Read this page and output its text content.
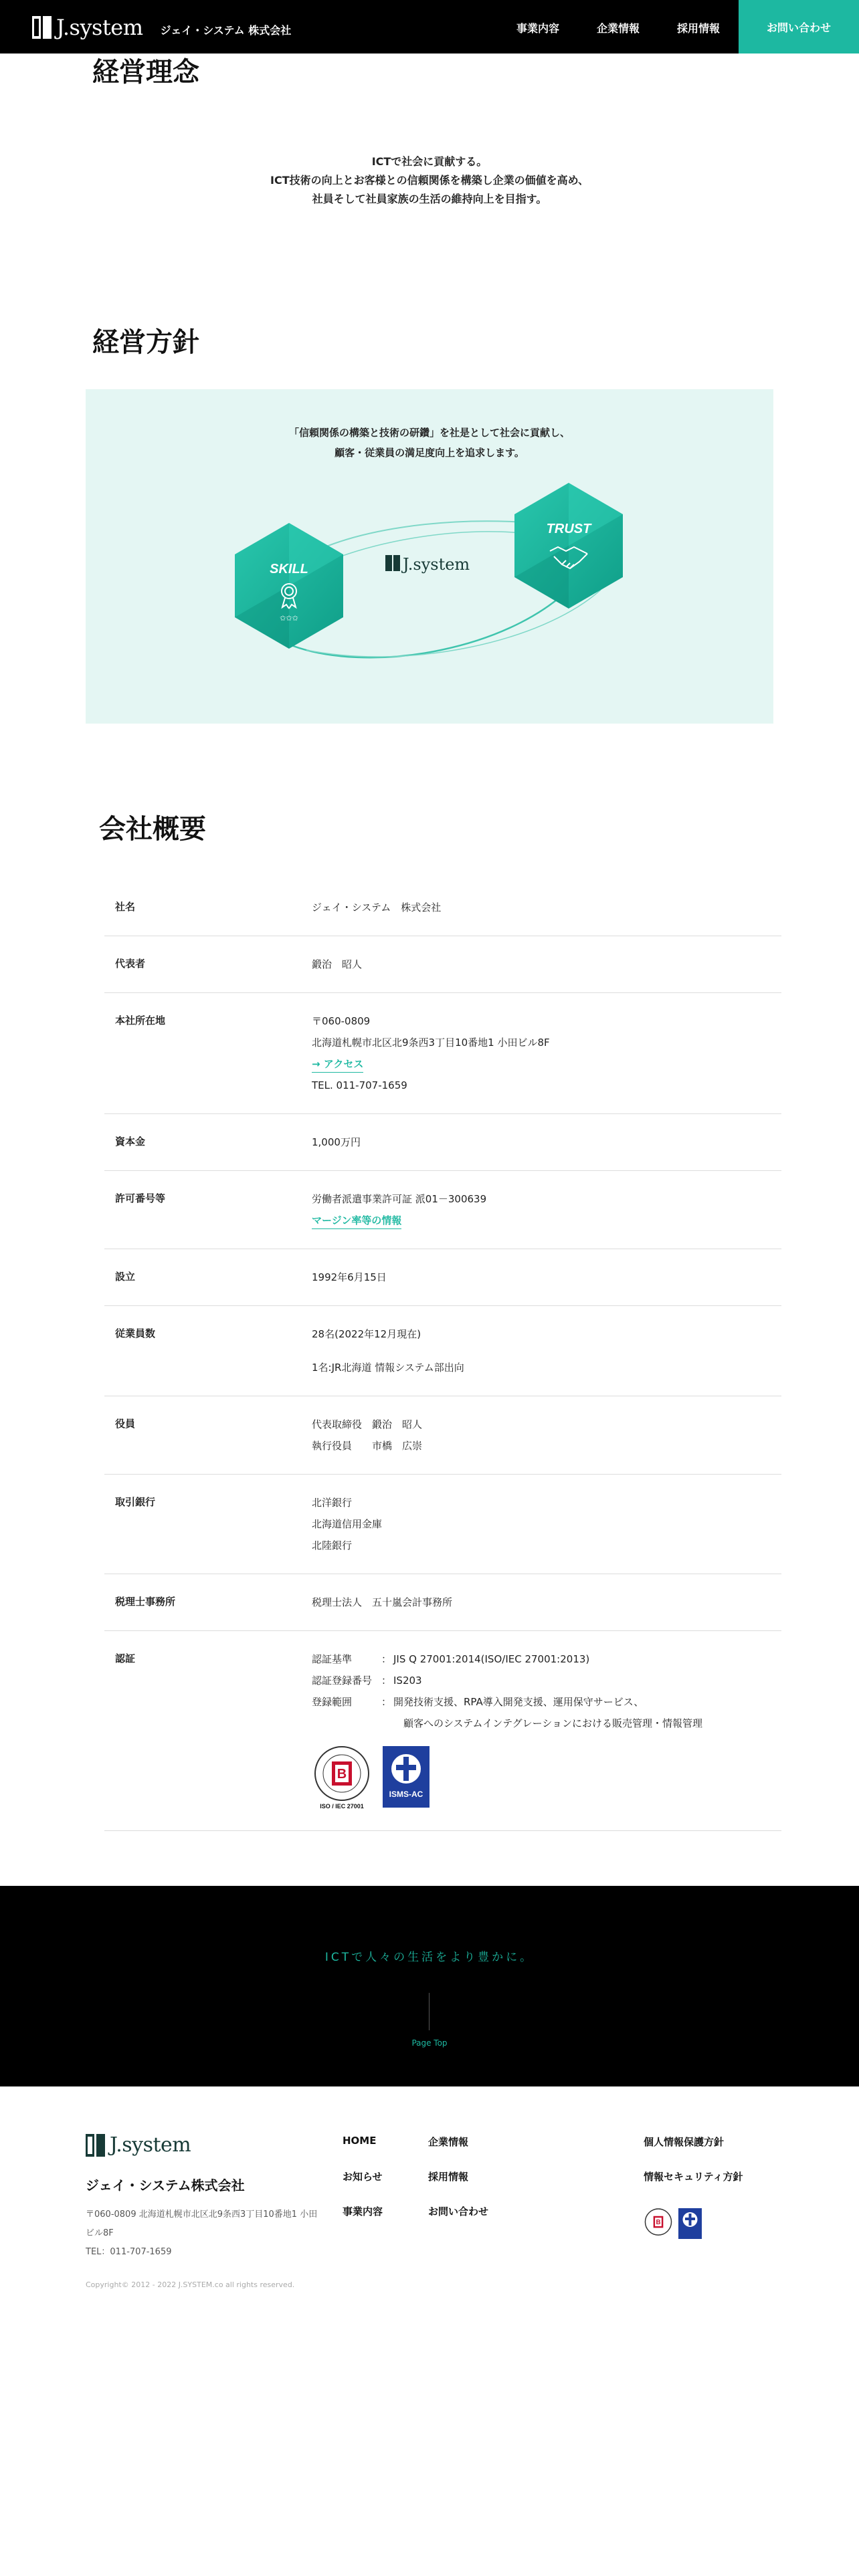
J.system ジェイ・システム 株式会社	事業内容	企業情報	採用情報	お問い合わせ
経営理念
ICTで社会に貢献する。
ICT技術の向上とお客様との信頼関係を構築し企業の価値を高め、
社員そして社員家族の生活の維持向上を目指す。
経営方針
「信頼関係の構築と技術の研鑽」を社是として社会に貢献し、
顧客・従業員の満足度向上を追求します。
SKILL
✩✩✩
TRUST
J.system
会社概要
社名	ジェイ・システム　株式会社
代表者	鍛治　昭人
本社所在地	〒060-0809
北海道札幌市北区北9条西3丁目10番地1 小田ビル8F
→ アクセス
TEL. 011-707-1659
資本金	1,000万円
許可番号等	労働者派遣事業許可証 派01－300639
マージン率等の情報
設立	1992年6月15日
従業員数	28名(2022年12月現在)
1名:JR北海道 情報システム部出向
役員	代表取締役　鍛治　昭人
執行役員　　市橋　広崇
取引銀行	北洋銀行
北海道信用金庫
北陸銀行
税理士事務所	税理士法人　五十嵐会計事務所
認証	認証基準	： JIS Q 27001:2014(ISO/IEC 27001:2013)
認証登録番号 ： IS203
登録範囲	： 開発技術支援、RPA導入開発支援、運用保守サービス、
　顧客へのシステムインテグレーションにおける販売管理・情報管理
B
ISO / IEC 27001
ISMS-AC
ICTで人々の生活をより豊かに。
Page Top
J.system
ジェイ・システム株式会社
〒060-0809 北海道札幌市北区北9条西3丁目10番地1 小田ビル8F
TEL：011-707-1659
Copyright© 2012 - 2022 J.SYSTEM.co all rights reserved.
HOME
お知らせ
事業内容
企業情報
採用情報
お問い合わせ
個人情報保護方針
情報セキュリティ方針
B
